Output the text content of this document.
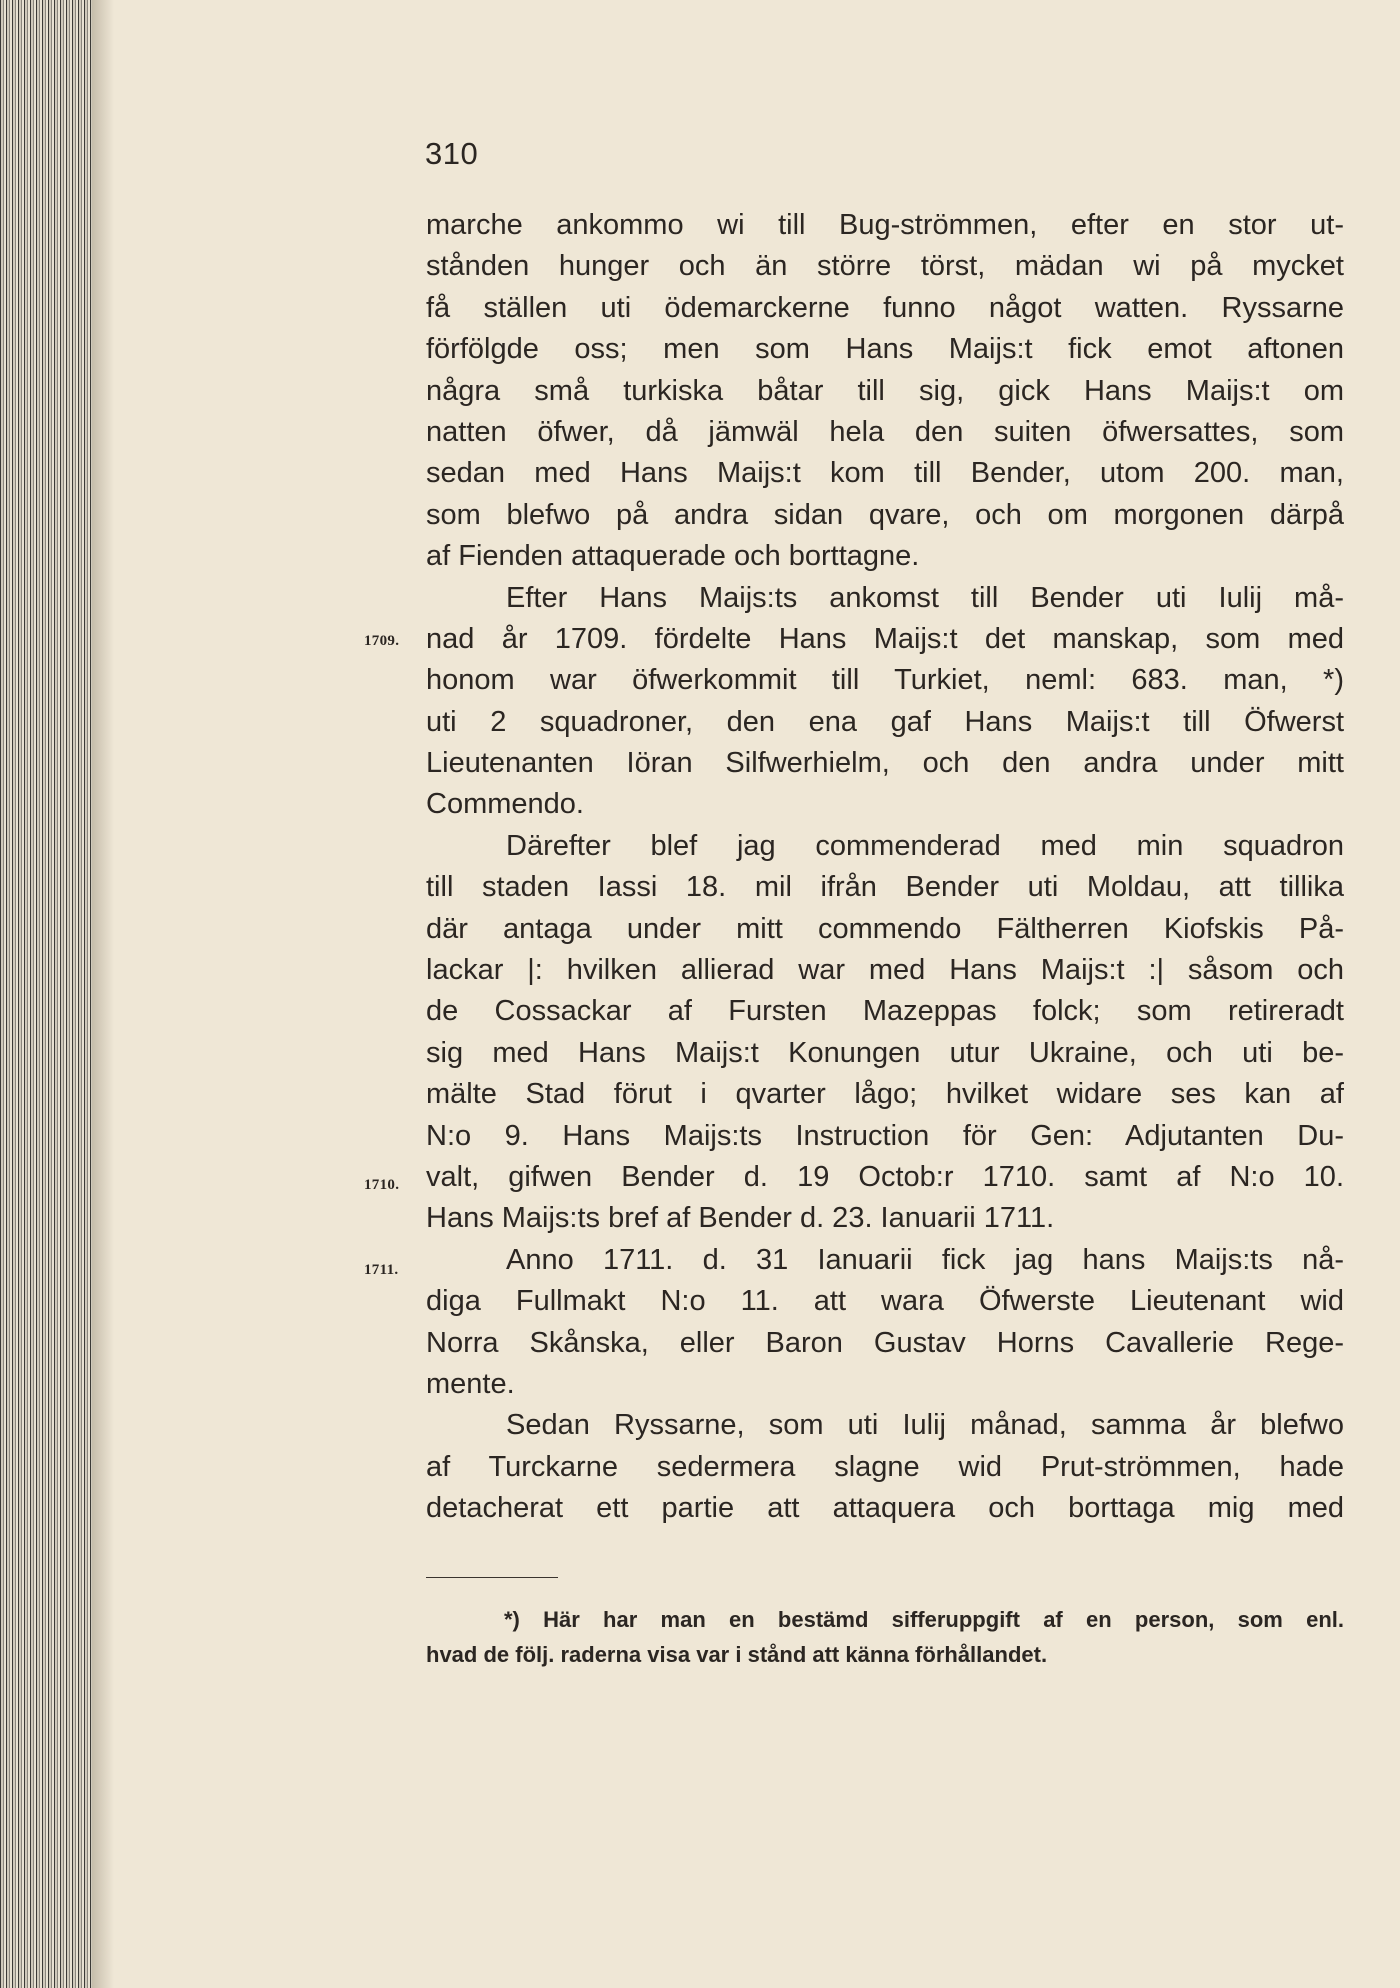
310
1709.
1710.
1711.
marche ankommo wi till Bug-strömmen, efter en stor ut-
stånden hunger och än större törst, mädan wi på mycket
få ställen uti ödemarckerne funno något watten. Ryssarne
förfölgde oss; men som Hans Maijs:t fick emot aftonen
några små turkiska båtar till sig, gick Hans Maijs:t om
natten öfwer, då jämwäl hela den suiten öfwersattes, som
sedan med Hans Maijs:t kom till Bender, utom 200. man,
som blefwo på andra sidan qvare, och om morgonen därpå
af Fienden attaquerade och borttagne.
Efter Hans Maijs:ts ankomst till Bender uti Iulij må-
nad år 1709. fördelte Hans Maijs:t det manskap, som med
honom war öfwerkommit till Turkiet, neml: 683. man, *)
uti 2 squadroner, den ena gaf Hans Maijs:t till Öfwerst
Lieutenanten Iöran Silfwerhielm, och den andra under mitt
Commendo.
Därefter blef jag commenderad med min squadron
till staden Iassi 18. mil ifrån Bender uti Moldau, att tillika
där antaga under mitt commendo Fältherren Kiofskis På-
lackar |: hvilken allierad war med Hans Maijs:t :| såsom och
de Cossackar af Fursten Mazeppas folck; som retireradt
sig med Hans Maijs:t Konungen utur Ukraine, och uti be-
mälte Stad förut i qvarter lågo; hvilket widare ses kan af
N:o 9. Hans Maijs:ts Instruction för Gen: Adjutanten Du-
valt, gifwen Bender d. 19 Octob:r 1710. samt af N:o 10.
Hans Maijs:ts bref af Bender d. 23. Ianuarii 1711.
Anno 1711. d. 31 Ianuarii fick jag hans Maijs:ts nå-
diga Fullmakt N:o 11. att wara Öfwerste Lieutenant wid
Norra Skånska, eller Baron Gustav Horns Cavallerie Rege-
mente.
Sedan Ryssarne, som uti Iulij månad, samma år blefwo
af Turckarne sedermera slagne wid Prut-strömmen, hade
detacherat ett partie att attaquera och borttaga mig med
*) Här har man en bestämd sifferuppgift af en person, som enl.
hvad de följ. raderna visa var i stånd att känna förhållandet.
